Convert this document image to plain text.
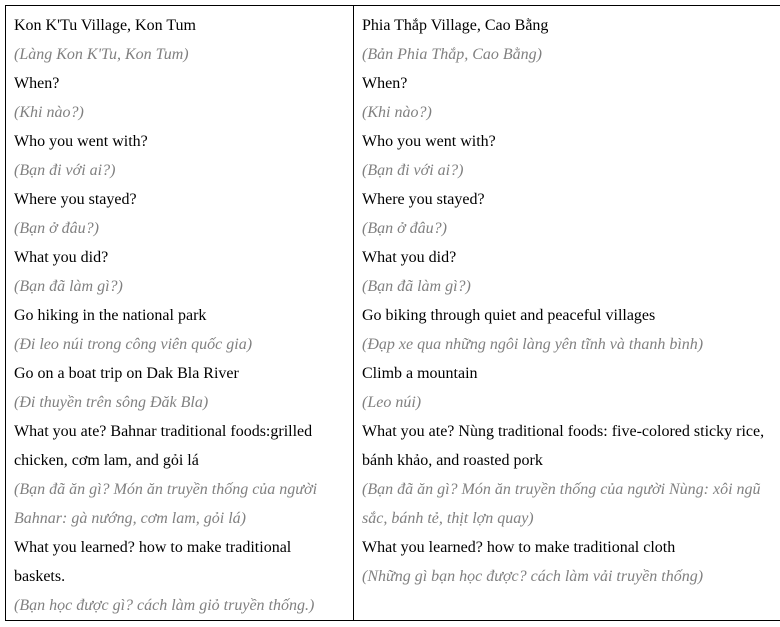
Kon K'Tu Village, Kon Tum
(Làng Kon K'Tu, Kon Tum)
When?
(Khi nào?)
Who you went with?
(Bạn đi với ai?)
Where you stayed?
(Bạn ở đâu?)
What you did?
(Bạn đã làm gì?)
Go hiking in the national park
(Đi leo núi trong công viên quốc gia)
Go on a boat trip on Dak Bla River
(Đi thuyền trên sông Đăk Bla)
What you ate? Bahnar traditional foods:grilled chicken, cơm lam, and gỏi lá
(Bạn đã ăn gì? Món ăn truyền thống của người Bahnar: gà nướng, cơm lam, gỏi lá)
What you learned? how to make traditional baskets.
(Bạn học được gì? cách làm giỏ truyền thống.)

Phia Thắp Village, Cao Bằng
(Bản Phia Thắp, Cao Bằng)
When?
(Khi nào?)
Who you went with?
(Bạn đi với ai?)
Where you stayed?
(Bạn ở đâu?)
What you did?
(Bạn đã làm gì?)
Go biking through quiet and peaceful villages
(Đạp xe qua những ngôi làng yên tĩnh và thanh bình)
Climb a mountain
(Leo núi)
What you ate? Nùng traditional foods: five-colored sticky rice, bánh khảo, and roasted pork
(Bạn đã ăn gì? Món ăn truyền thống của người Nùng: xôi ngũ sắc, bánh tẻ, thịt lợn quay)
What you learned? how to make traditional cloth
(Những gì bạn học được? cách làm vải truyền thống)
